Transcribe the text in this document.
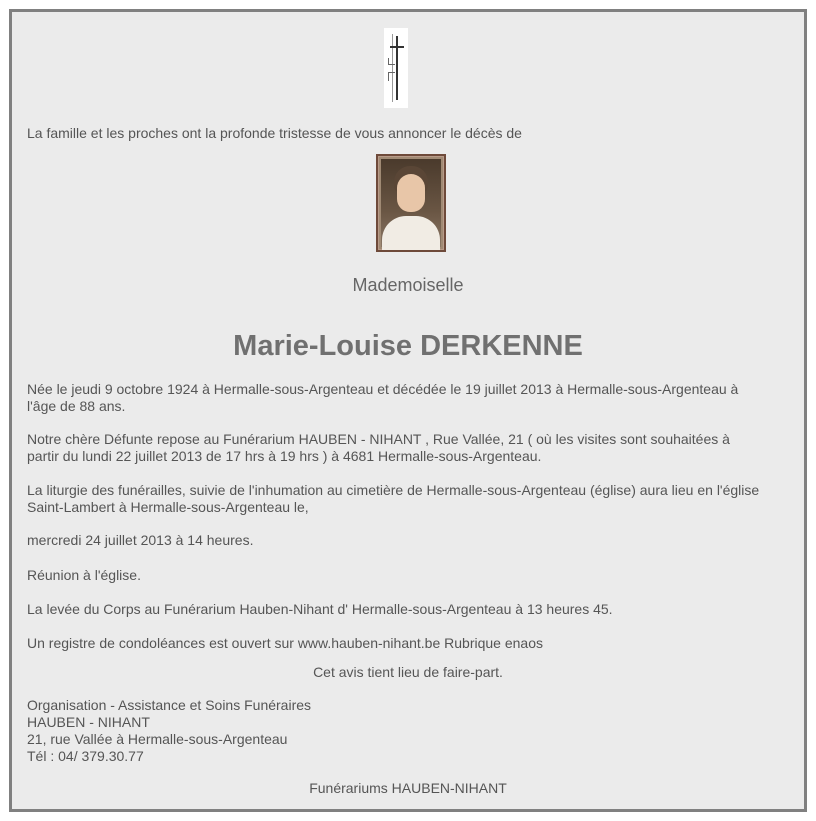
La famille et les proches ont la profonde tristesse de vous annoncer le décès de
Mademoiselle
Marie-Louise DERKENNE
Née le jeudi 9 octobre 1924 à Hermalle-sous-Argenteau et décédée le 19 juillet 2013 à Hermalle-sous-Argenteau à
l'âge de 88 ans.
Notre chère Défunte repose au Funérarium HAUBEN - NIHANT , Rue Vallée, 21 ( où les visites sont souhaitées à
partir du lundi 22 juillet 2013 de 17 hrs à 19 hrs ) à 4681 Hermalle-sous-Argenteau.
La liturgie des funérailles, suivie de l'inhumation au cimetière de Hermalle-sous-Argenteau (église) aura lieu en l'église
Saint-Lambert à Hermalle-sous-Argenteau le,
mercredi 24 juillet 2013 à 14 heures.
Réunion à l'église.
La levée du Corps au Funérarium Hauben-Nihant d' Hermalle-sous-Argenteau à 13 heures 45.
Un registre de condoléances est ouvert sur www.hauben-nihant.be Rubrique enaos
Cet avis tient lieu de faire-part.
Organisation - Assistance et Soins Funéraires
HAUBEN - NIHANT
21, rue Vallée à Hermalle-sous-Argenteau
Tél : 04/ 379.30.77
Funérariums HAUBEN-NIHANT
